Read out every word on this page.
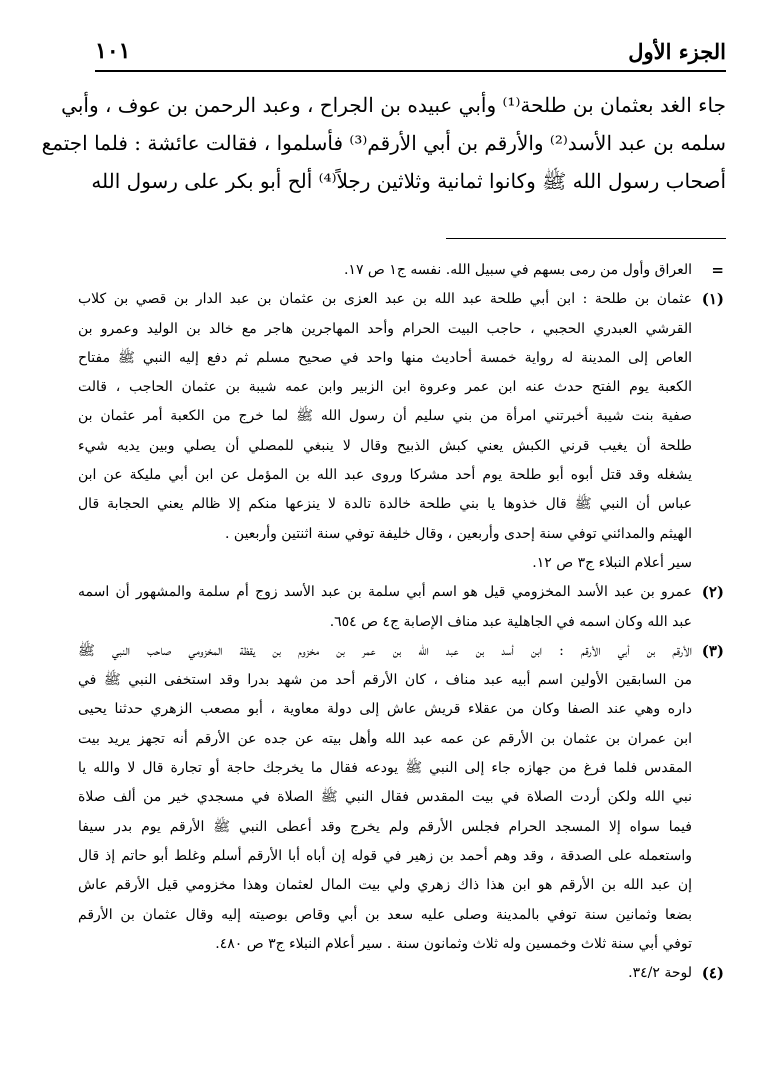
١٠١	الجزء الأول
جاء الغد بعثمان بن طلحة⁽¹⁾ وأبي عبيده بن الجراح ، وعبد الرحمن بن عوف ، وأبي
سلمه بن عبد الأسد⁽²⁾ والأرقم بن أبي الأرقم⁽³⁾ فأسلموا ، فقالت عائشة : فلما اجتمع
أصحاب رسول الله ﷺ وكانوا ثمانية وثلاثين رجلاً⁽⁴⁾ ألح أبو بكر على رسول الله
=
العراق وأول من رمى بسهم في سبيل الله. نفسه ج١ ص ١٧.
(١)
عثمان بن طلحة : ابن أبي طلحة عبد الله بن عبد العزى بن عثمان بن عبد الدار بن قصي بن كلاب
القرشي العبدري الحجبي ، حاجب البيت الحرام وأحد المهاجرين هاجر مع خالد بن الوليد وعمرو بن
العاص إلى المدينة له رواية خمسة أحاديث منها واحد في صحيح مسلم ثم دفع إليه النبي ﷺ مفتاح
الكعبة يوم الفتح حدث عنه ابن عمر وعروة ابن الزبير وابن عمه شيبة بن عثمان الحاجب ، قالت
صفية بنت شيبة أخبرتني امرأة من بني سليم أن رسول الله ﷺ لما خرج من الكعبة أمر عثمان بن
طلحة أن يغيب قرني الكبش يعني كبش الذبيح وقال لا ينبغي للمصلي أن يصلي وبين يديه شيء
يشغله وقد قتل أبوه أبو طلحة يوم أحد مشركا وروى عبد الله بن المؤمل عن ابن أبي مليكة عن ابن
عباس أن النبي ﷺ قال خذوها يا بني طلحة خالدة تالدة لا ينزعها منكم إلا ظالم يعني الحجابة قال
الهيثم والمدائني توفي سنة إحدى وأربعين ، وقال خليفة توفي سنة اثنتين وأربعين .
سير أعلام النبلاء ج٣ ص ١٢.
(٢)
عمرو بن عبد الأسد المخزومي قيل هو اسم أبي سلمة بن عبد الأسد زوج أم سلمة والمشهور أن اسمه
عبد الله وكان اسمه في الجاهلية عبد مناف الإصابة ج٤ ص ٦٥٤.
(٣)
الأرقم بن أبي الأرقم : ابن أسد بن عبد الله بن عمر بن مخزوم بن يقظة المخزومي صاحب النبي ﷺ
من السابقين الأولين اسم أبيه عبد مناف ، كان الأرقم أحد من شهد بدرا وقد استخفى النبي ﷺ في
داره وهي عند الصفا وكان من عقلاء قريش عاش إلى دولة معاوية ، أبو مصعب الزهري حدثنا يحيى
ابن عمران بن عثمان بن الأرقم عن عمه عبد الله وأهل بيته عن جده عن الأرقم أنه تجهز يريد بيت
المقدس فلما فرغ من جهازه جاء إلى النبي ﷺ يودعه فقال ما يخرجك حاجة أو تجارة قال لا والله يا
نبي الله ولكن أردت الصلاة في بيت المقدس فقال النبي ﷺ الصلاة في مسجدي خير من ألف صلاة
فيما سواه إلا المسجد الحرام فجلس الأرقم ولم يخرج وقد أعطى النبي ﷺ الأرقم يوم بدر سيفا
واستعمله على الصدقة ، وقد وهم أحمد بن زهير في قوله إن أباه أبا الأرقم أسلم وغلط أبو حاتم إذ قال
إن عبد الله بن الأرقم هو ابن هذا ذاك زهري ولي بيت المال لعثمان وهذا مخزومي قيل الأرقم عاش
بضعا وثمانين سنة توفي بالمدينة وصلى عليه سعد بن أبي وقاص بوصيته إليه وقال عثمان بن الأرقم
توفي أبي سنة ثلاث وخمسين وله ثلاث وثمانون سنة . سير أعلام النبلاء ج٣ ص ٤٨٠.
(٤)
لوحة ٣٤/٢.
